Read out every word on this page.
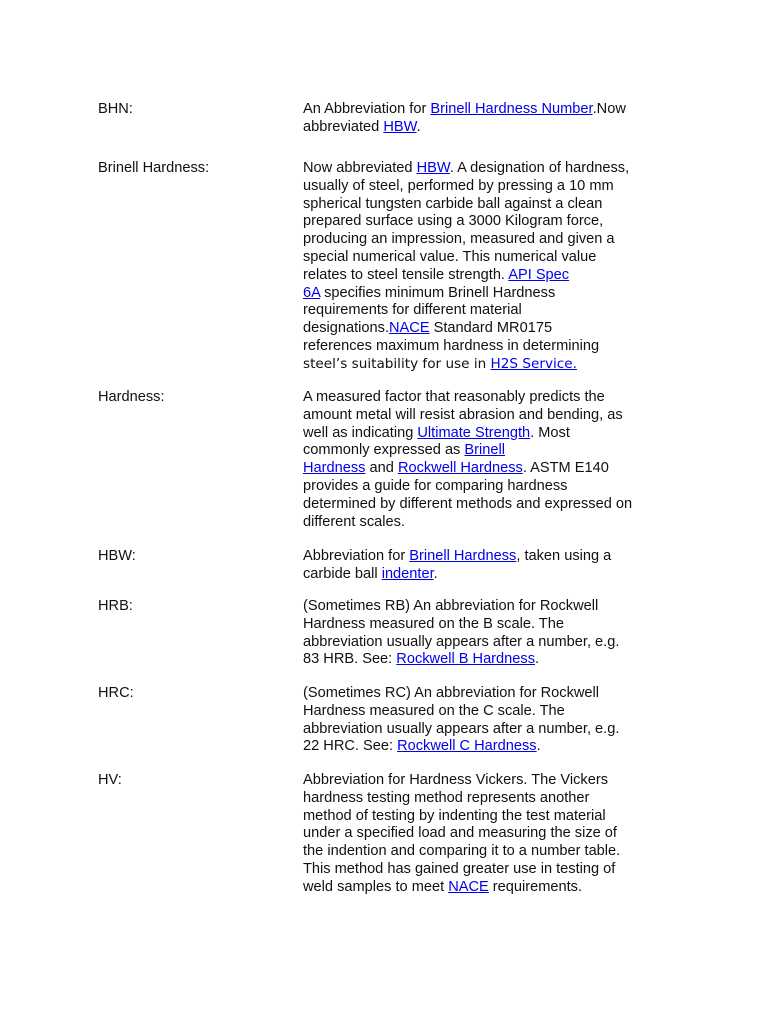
BHN:	An Abbreviation for Brinell Hardness Number.Now
abbreviated HBW.
Brinell Hardness:	Now abbreviated HBW. A designation of hardness,
usually of steel, performed by pressing a 10 mm
spherical tungsten carbide ball against a clean
prepared surface using a 3000 Kilogram force,
producing an impression, measured and given a
special numerical value. This numerical value
relates to steel tensile strength. API Spec
6A specifies minimum Brinell Hardness
requirements for different material
designations.NACE Standard MR0175
references maximum hardness in determining
steel’s suitability for use in H2S Service.
Hardness:	A measured factor that reasonably predicts the
amount metal will resist abrasion and bending, as
well as indicating Ultimate Strength. Most
commonly expressed as Brinell
Hardness and Rockwell Hardness. ASTM E140
provides a guide for comparing hardness
determined by different methods and expressed on
different scales.
HBW:	Abbreviation for Brinell Hardness, taken using a
carbide ball indenter.
HRB:	(Sometimes RB) An abbreviation for Rockwell
Hardness measured on the B scale. The
abbreviation usually appears after a number, e.g.
83 HRB. See: Rockwell B Hardness.
HRC:	(Sometimes RC) An abbreviation for Rockwell
Hardness measured on the C scale. The
abbreviation usually appears after a number, e.g.
22 HRC. See: Rockwell C Hardness.
HV:	Abbreviation for Hardness Vickers. The Vickers
hardness testing method represents another
method of testing by indenting the test material
under a specified load and measuring the size of
the indention and comparing it to a number table.
This method has gained greater use in testing of
weld samples to meet NACE requirements.
